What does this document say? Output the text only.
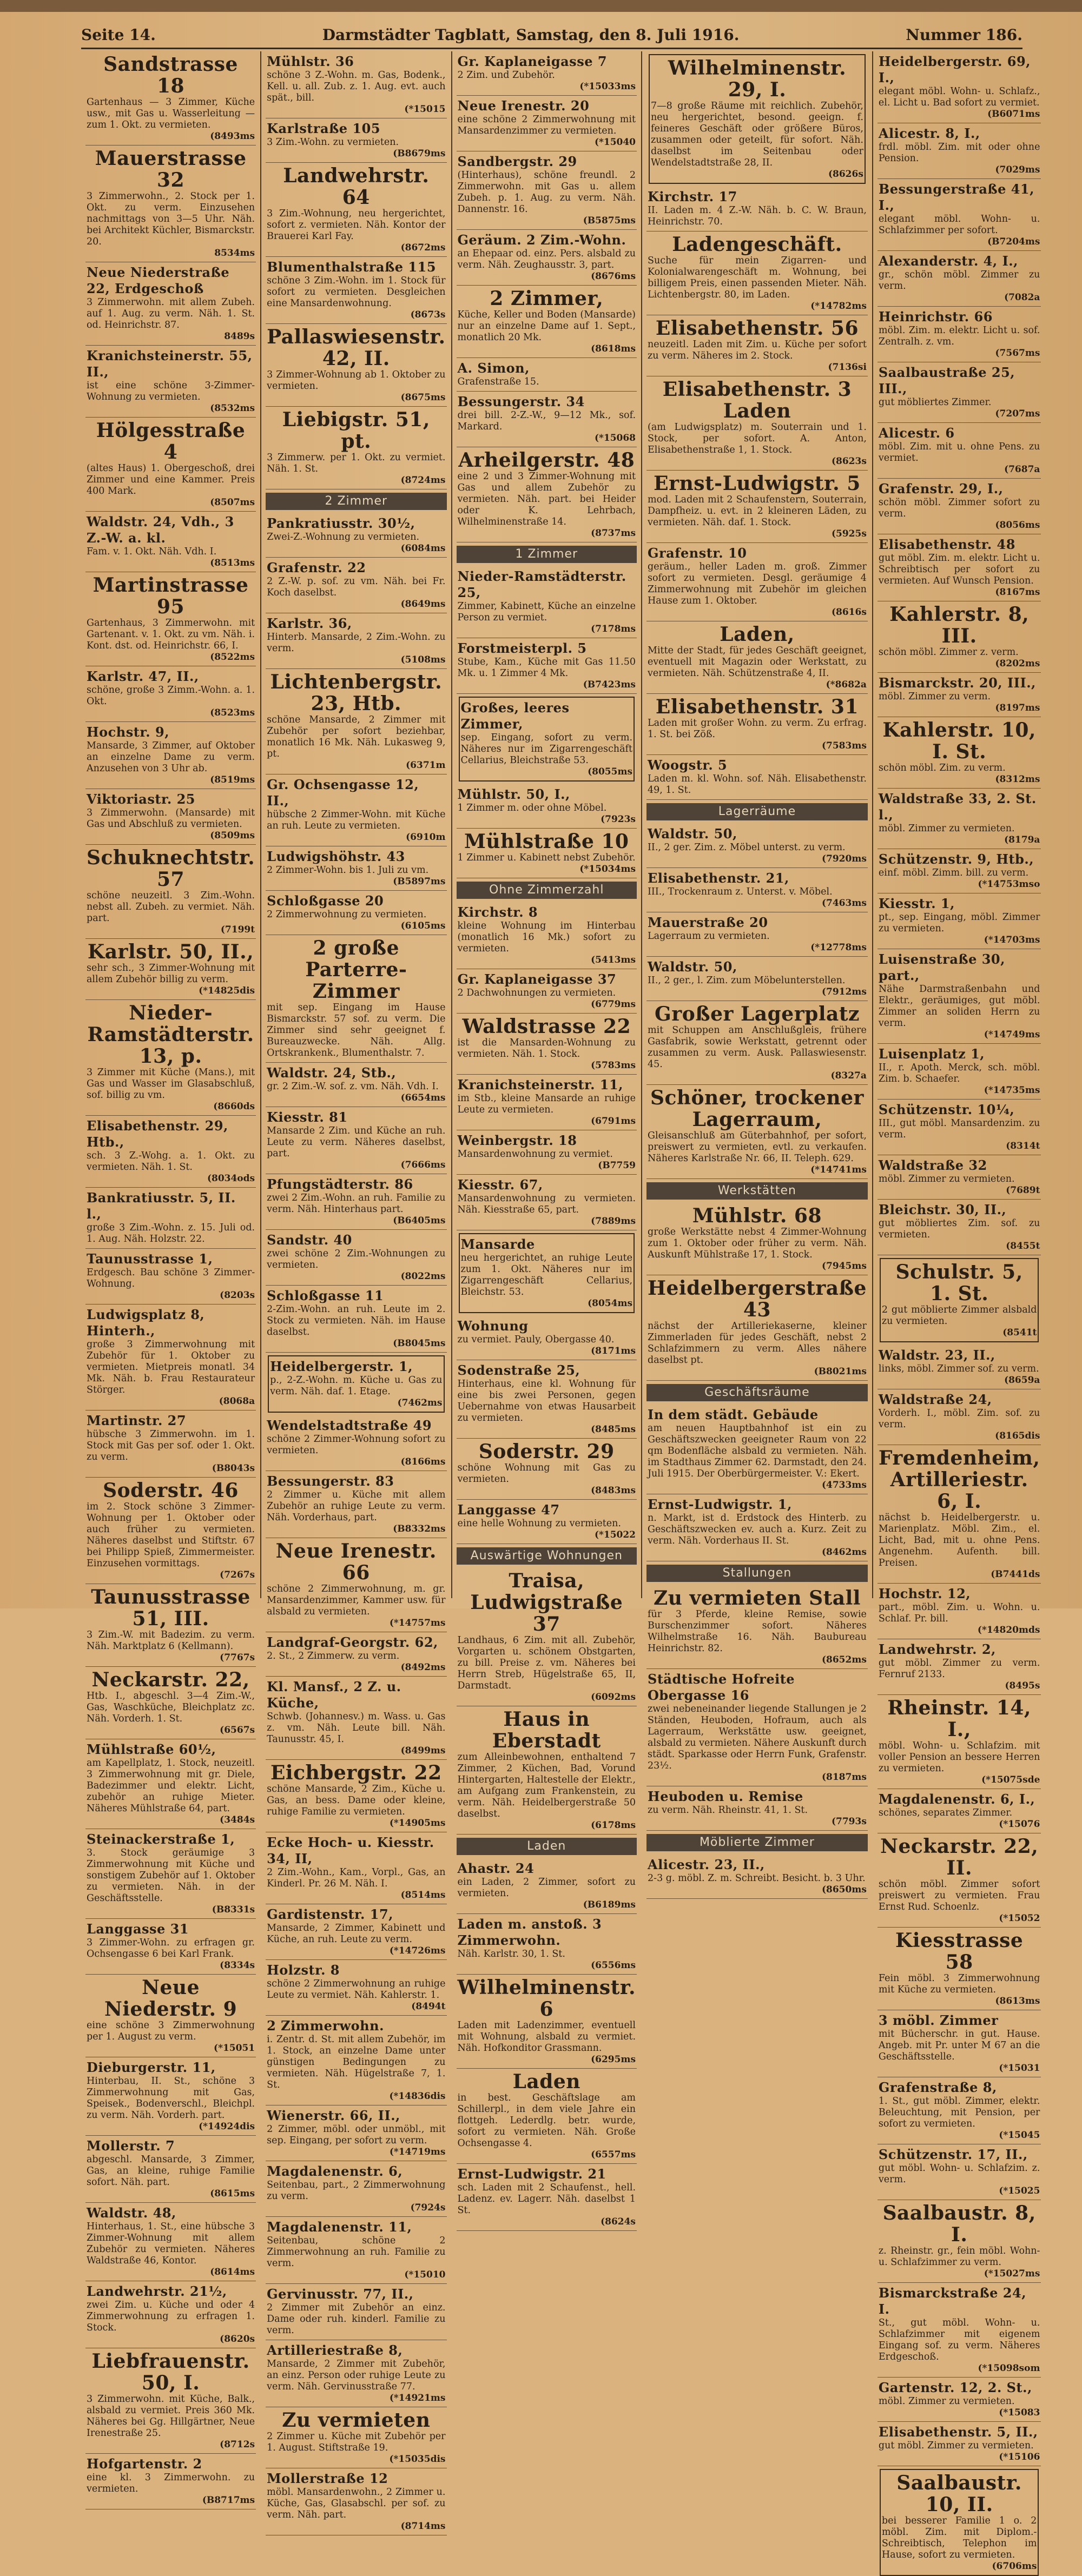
Seite 14.	Darmstädter Tagblatt, Samstag, den 8. Juli 1916.	Nummer 186.
Sandstrasse 18
Gartenhaus — 3 Zimmer, Küche usw., mit Gas u. Wasserleitung — zum 1. Okt. zu vermieten.
(8493ms
Mauerstrasse 32
3 Zimmerwohn., 2. Stock per 1. Okt. zu verm. Einzusehen nachmittags von 3—5 Uhr. Näh. bei Architekt Küchler, Bismarckstr. 20.
8534ms
Neue Niederstraße 22, Erdgeschoß
3 Zimmerwohn. mit allem Zubeh. auf 1. Aug. zu verm. Näh. 1. St. od. Heinrichstr. 87.
8489s
Kranichsteinerstr. 55, II.,
ist eine schöne 3-Zimmer-Wohnung zu vermieten.
(8532ms
Hölgesstraße 4
(altes Haus) 1. Obergeschoß, drei Zimmer und eine Kammer. Preis 400 Mark.
(8507ms
Waldstr. 24, Vdh., 3 Z.-W. a. kl.
Fam. v. 1. Okt. Näh. Vdh. I.
(8513ms
Martinstrasse 95
Gartenhaus, 3 Zimmerwohn. mit Gartenant. v. 1. Okt. zu vm. Näh. i. Kont. dst. od. Heinrichstr. 66, I.
(8522ms
Karlstr. 47, II.,
schöne, große 3 Zimm.-Wohn. a. 1. Okt.
(8523ms
Hochstr. 9,
Mansarde, 3 Zimmer, auf Oktober an einzelne Dame zu verm. Anzusehen von 3 Uhr ab.
(8519ms
Viktoriastr. 25
3 Zimmerwohn. (Mansarde) mit Gas und Abschluß zu vermieten.
(8509ms
Schuknechtstr. 57
schöne neuzeitl. 3 Zim.-Wohn. nebst all. Zubeh. zu vermiet. Näh. part.
(7199t
Karlstr. 50, II.,
sehr sch., 3 Zimmer-Wohnung mit allem Zubehör billig zu verm.
(*14825dis
Nieder-Ramstädterstr. 13, p.
3 Zimmer mit Küche (Mans.), mit Gas und Wasser im Glasabschluß, sof. billig zu vm.
(8660ds
Elisabethenstr. 29, Htb.,
sch. 3 Z.-Wohg. a. 1. Okt. zu vermieten. Näh. 1. St.
(8034ods
Bankratiusstr. 5, II. l.,
große 3 Zim.-Wohn. z. 15. Juli od. 1. Aug. Näh. Holzstr. 22.
Taunusstrasse 1,
Erdgesch. Bau schöne 3 Zimmer-Wohnung.
(8203s
Ludwigsplatz 8, Hinterh.,
große 3 Zimmerwohnung mit Zubehör für 1. Oktober zu vermieten. Mietpreis monatl. 34 Mk. Näh. b. Frau Restaurateur Störger.
(8068a
Martinstr. 27
hübsche 3 Zimmerwohn. im 1. Stock mit Gas per sof. oder 1. Okt. zu verm.
(B8043s
Soderstr. 46
im 2. Stock schöne 3 Zimmer-Wohnung per 1. Oktober oder auch früher zu vermieten. Näheres daselbst und Stiftstr. 67 bei Philipp Spieß, Zimmermeister. Einzusehen vormittags.
(7267s
Taunusstrasse 51, III.
3 Zim.-W. mit Badezim. zu verm. Näh. Marktplatz 6 (Kellmann).
(7767s
Neckarstr. 22,
Htb. I., abgeschl. 3—4 Zim.-W., Gas, Waschküche, Bleichplatz zc. Näh. Vorderh. 1. St.
(6567s
Mühlstraße 60½,
am Kapellplatz, 1. Stock, neuzeitl. 3 Zimmerwohnung mit gr. Diele, Badezimmer und elektr. Licht, zubehör an ruhige Mieter. Näheres Mühlstraße 64, part.
(3484s
Steinackerstraße 1,
3. Stock geräumige 3 Zimmerwohnung mit Küche und sonstigem Zubehör auf 1. Oktober zu vermieten. Näh. in der Geschäftsstelle.
(B8331s
Langgasse 31
3 Zimmer-Wohn. zu erfragen gr. Ochsengasse 6 bei Karl Frank.
(8334s
Neue Niederstr. 9
eine schöne 3 Zimmerwohnung per 1. August zu verm.
(*15051
Dieburgerstr. 11,
Hinterbau, II. St., schöne 3 Zimmerwohnung mit Gas, Speisek., Bodenverschl., Bleichpl. zu verm. Näh. Vorderh. part.
(*14924dis
Mollerstr. 7
abgeschl. Mansarde, 3 Zimmer, Gas, an kleine, ruhige Familie sofort. Näh. part.
(8615ms
Waldstr. 48,
Hinterhaus, 1. St., eine hübsche 3 Zimmer-Wohnung mit allem Zubehör zu vermieten. Näheres Waldstraße 46, Kontor.
(8614ms
Landwehrstr. 21½,
zwei Zim. u. Küche und oder 4 Zimmerwohnung zu erfragen 1. Stock.
(8620s
Liebfrauenstr. 50, I.
3 Zimmerwohn. mit Küche, Balk., alsbald zu vermiet. Preis 360 Mk. Näheres bei Gg. Hillgärtner, Neue Irenestraße 25.
(8712s
Hofgartenstr. 2
eine kl. 3 Zimmerwohn. zu vermieten.
(B8717ms
Mühlstr. 36
schöne 3 Z.-Wohn. m. Gas, Bodenk., Kell. u. all. Zub. z. 1. Aug. evt. auch spät., bill.
(*15015
Karlstraße 105
3 Zim.-Wohn. zu vermieten.
(B8679ms
Landwehrstr. 64
3 Zim.-Wohnung, neu hergerichtet, sofort z. vermieten. Näh. Kontor der Brauerei Karl Fay.
(8672ms
Blumenthalstraße 115
schöne 3 Zim.-Wohn. im 1. Stock für sofort zu vermieten. Desgleichen eine Mansardenwohnung.
(8673s
Pallaswiesenstr. 42, II.
3 Zimmer-Wohnung ab 1. Oktober zu vermieten.
(8675ms
Liebigstr. 51, pt.
3 Zimmerw. per 1. Okt. zu vermiet. Näh. 1. St.
(8724ms
2 Zimmer
Pankratiusstr. 30½,
Zwei-Z.-Wohnung zu vermieten.
(6084ms
Grafenstr. 22
2 Z.-W. p. sof. zu vm. Näh. bei Fr. Koch daselbst.
(8649ms
Karlstr. 36,
Hinterb. Mansarde, 2 Zim.-Wohn. zu verm.
(5108ms
Lichtenbergstr. 23, Htb.
schöne Mansarde, 2 Zimmer mit Zubehör per sofort beziehbar, monatlich 16 Mk. Näh. Lukasweg 9, pt.
(6371m
Gr. Ochsengasse 12, II.,
hübsche 2 Zimmer-Wohn. mit Küche an ruh. Leute zu vermieten.
(6910m
Ludwigshöhstr. 43
2 Zimmer-Wohn. bis 1. Juli zu vm.
(B5897ms
Schloßgasse 20
2 Zimmerwohnung zu vermieten.
(6105ms
2 große Parterre-Zimmer
mit sep. Eingang im Hause Bismarckstr. 57 sof. zu verm. Die Zimmer sind sehr geeignet f. Bureauzwecke. Näh. Allg. Ortskrankenk., Blumenthalstr. 7.
Waldstr. 24, Stb.,
gr. 2 Zim.-W. sof. z. vm. Näh. Vdh. I.
(6654ms
Kiesstr. 81
Mansarde 2 Zim. und Küche an ruh. Leute zu verm. Näheres daselbst, part.
(7666ms
Pfungstädterstr. 86
zwei 2 Zim.-Wohn. an ruh. Familie zu verm. Näh. Hinterhaus part.
(B6405ms
Sandstr. 40
zwei schöne 2 Zim.-Wohnungen zu vermieten.
(8022ms
Schloßgasse 11
2-Zim.-Wohn. an ruh. Leute im 2. Stock zu vermieten. Näh. im Hause daselbst.
(B8045ms
Heidelbergerstr. 1,
p., 2-Z.-Wohn. m. Küche u. Gas zu verm. Näh. daf. 1. Etage.
(7462ms
Wendelstadtstraße 49
schöne 2 Zimmer-Wohnung sofort zu vermieten.
(8166ms
Bessungerstr. 83
2 Zimmer u. Küche mit allem Zubehör an ruhige Leute zu verm. Näh. Vorderhaus, part.
(B8332ms
Neue Irenestr. 66
schöne 2 Zimmerwohnung, m. gr. Mansardenzimmer, Kammer usw. für alsbald zu vermieten.
(*14757ms
Landgraf-Georgstr. 62,
2. St., 2 Zimmerw. zu verm.
(8492ms
Kl. Mansf., 2 Z. u. Küche,
Schwb. (Johannesv.) m. Wass. u. Gas z. vm. Näh. Leute bill. Näh. Taunusstr. 45, I.
(8499ms
Eichbergstr. 22
schöne Mansarde, 2 Zim., Küche u. Gas, an bess. Dame oder kleine, ruhige Familie zu vermieten.
(*14905ms
Ecke Hoch- u. Kiesstr. 34, II,
2 Zim.-Wohn., Kam., Vorpl., Gas, an Kinderl. Pr. 26 M. Näh. I.
(8514ms
Gardistenstr. 17,
Mansarde, 2 Zimmer, Kabinett und Küche, an ruh. Leute zu verm.
(*14726ms
Holzstr. 8
schöne 2 Zimmerwohnung an ruhige Leute zu vermiet. Näh. Kahlerstr. 1.
(8494t
2 Zimmerwohn.
i. Zentr. d. St. mit allem Zubehör, im 1. Stock, an einzelne Dame unter günstigen Bedingungen zu vermieten. Näh. Hügelstraße 7, 1. St.
(*14836dis
Wienerstr. 66, II.,
2 Zimmer, möbl. oder unmöbl., mit sep. Eingang, per sofort zu verm.
(*14719ms
Magdalenenstr. 6,
Seitenbau, part., 2 Zimmerwohnung zu verm.
(7924s
Magdalenenstr. 11,
Seitenbau, schöne 2 Zimmerwohnung an ruh. Familie zu verm.
(*15010
Gervinusstr. 77, II.,
2 Zimmer mit Zubehör an einz. Dame oder ruh. kinderl. Familie zu verm.
Artilleriestraße 8,
Mansarde, 2 Zimmer mit Zubehör, an einz. Person oder ruhige Leute zu verm. Näh. Gervinusstraße 77.
(*14921ms
Zu vermieten
2 Zimmer u. Küche mit Zubehör per 1. August. Stiftstraße 19.
(*15035dis
Mollerstraße 12
möbl. Mansardenwohn., 2 Zimmer u. Küche, Gas, Glasabschl. per sof. zu verm. Näh. part.
(8714ms
Gr. Kaplaneigasse 7
2 Zim. und Zubehör.
(*15033ms
Neue Irenestr. 20
eine schöne 2 Zimmerwohnung mit Mansardenzimmer zu vermieten.
(*15040
Sandbergstr. 29
(Hinterhaus), schöne freundl. 2 Zimmerwohn. mit Gas u. allem Zubeh. p. 1. Aug. zu verm. Näh. Dannenstr. 16.
(B5875ms
Geräum. 2 Zim.-Wohn.
an Ehepaar od. einz. Pers. alsbald zu verm. Näh. Zeughausstr. 3, part.
(8676ms
2 Zimmer,
Küche, Keller und Boden (Mansarde) nur an einzelne Dame auf 1. Sept., monatlich 20 Mk.
(8618ms
A. Simon,
Grafenstraße 15.
Bessungerstr. 34
drei bill. 2-Z.-W., 9—12 Mk., sof. Markard.
(*15068
Arheilgerstr. 48
eine 2 und 3 Zimmer-Wohnung mit Gas und allem Zubehör zu vermieten. Näh. part. bei Heider oder K. Lehrbach, Wilhelminenstraße 14.
(8737ms
1 Zimmer
Nieder-Ramstädterstr. 25,
Zimmer, Kabinett, Küche an einzelne Person zu vermiet.
(7178ms
Forstmeisterpl. 5
Stube, Kam., Küche mit Gas 11.50 Mk. u. 1 Zimmer 4 Mk.
(B7423ms
Großes, leeres Zimmer,
sep. Eingang, sofort zu verm. Näheres nur im Zigarrengeschäft Cellarius, Bleichstraße 53.
(8055ms
Mühlstr. 50, I.,
1 Zimmer m. oder ohne Möbel.
(7923s
Mühlstraße 10
1 Zimmer u. Kabinett nebst Zubehör.
(*15034ms
Ohne Zimmerzahl
Kirchstr. 8
kleine Wohnung im Hinterbau (monatlich 16 Mk.) sofort zu vermieten.
(5413ms
Gr. Kaplaneigasse 37
2 Dachwohnungen zu vermieten.
(6779ms
Waldstrasse 22
ist die Mansarden-Wohnung zu vermieten. Näh. 1. Stock.
(5783ms
Kranichsteinerstr. 11,
im Stb., kleine Mansarde an ruhige Leute zu vermieten.
(6791ms
Weinbergstr. 18
Mansardenwohnung zu vermiet.
(B7759
Kiesstr. 67,
Mansardenwohnung zu vermieten. Näh. Kiesstraße 65, part.
(7889ms
Mansarde
neu hergerichtet, an ruhige Leute zum 1. Okt. Näheres nur im Zigarrengeschäft Cellarius, Bleichstr. 53.
(8054ms
Wohnung
zu vermiet. Pauly, Obergasse 40.
(8171ms
Sodenstraße 25,
Hinterhaus, eine kl. Wohnung für eine bis zwei Personen, gegen Uebernahme von etwas Hausarbeit zu vermieten.
(8485ms
Soderstr. 29
schöne Wohnung mit Gas zu vermieten.
(8483ms
Langgasse 47
eine helle Wohnung zu vermieten.
(*15022
Auswärtige Wohnungen
Traisa, Ludwigstraße 37
Landhaus, 6 Zim. mit all. Zubehör, Vorgarten u. schönem Obstgarten, zu bill. Preise z. vm. Näheres bei Herrn Streb, Hügelstraße 65, II, Darmstadt.
(6092ms
Haus in Eberstadt
zum Alleinbewohnen, enthaltend 7 Zimmer, 2 Küchen, Bad, Vorund Hintergarten, Haltestelle der Elektr., am Aufgang zum Frankenstein, zu verm. Näh. Heidelbergerstraße 50 daselbst.
(6178ms
Laden
Ahastr. 24
ein Laden, 2 Zimmer, sofort zu vermieten.
(B6189ms
Laden m. anstoß. 3 Zimmerwohn.
Näh. Karlstr. 30, 1. St.
(6556ms
Wilhelminenstr. 6
Laden mit Ladenzimmer, eventuell mit Wohnung, alsbald zu vermiet. Näh. Hofkonditor Grassmann.
(6295ms
Laden
in best. Geschäftslage am Schillerpl., in dem viele Jahre ein flottgeh. Lederdlg. betr. wurde, sofort zu vermieten. Näh. Große Ochsengasse 4.
(6557ms
Ernst-Ludwigstr. 21
sch. Laden mit 2 Schaufenst., hell. Ladenz. ev. Lagerr. Näh. daselbst 1 St.
(8624s
Wilhelminenstr. 29, I.
7—8 große Räume mit reichlich. Zubehör, neu hergerichtet, besond. geeign. f. feineres Geschäft oder größere Büros, zusammen oder geteilt, für sofort. Näh. daselbst im Seitenbau oder Wendelstadtstraße 28, II.
(8626s
Kirchstr. 17
II. Laden m. 4 Z.-W. Näh. b. C. W. Braun, Heinrichstr. 70.
Ladengeschäft.
Suche für mein Zigarren- und Kolonialwarengeschäft m. Wohnung, bei billigem Preis, einen passenden Mieter. Näh. Lichtenbergstr. 80, im Laden.
(*14782ms
Elisabethenstr. 56
neuzeitl. Laden mit Zim. u. Küche per sofort zu verm. Näheres im 2. Stock.
(7136si
Elisabethenstr. 3 Laden
(am Ludwigsplatz) m. Souterrain und 1. Stock, per sofort. A. Anton, Elisabethenstraße 1, 1. Stock.
(8623s
Ernst-Ludwigstr. 5
mod. Laden mit 2 Schaufenstern, Souterrain, Dampfheiz. u. evt. in 2 kleineren Läden, zu vermieten. Näh. daf. 1. Stock.
(5925s
Grafenstr. 10
geräum., heller Laden m. groß. Zimmer sofort zu vermieten. Desgl. geräumige 4 Zimmerwohnung mit Zubehör im gleichen Hause zum 1. Oktober.
(8616s
Laden,
Mitte der Stadt, für jedes Geschäft geeignet, eventuell mit Magazin oder Werkstatt, zu vermieten. Näh. Schützenstraße 4, II.
(*8682a
Elisabethenstr. 31
Laden mit großer Wohn. zu verm. Zu erfrag. 1. St. bei Zöß.
(7583ms
Woogstr. 5
Laden m. kl. Wohn. sof. Näh. Elisabethenstr. 49, 1. St.
Lagerräume
Waldstr. 50,
II., 2 ger. Zim. z. Möbel unterst. zu verm.
(7920ms
Elisabethenstr. 21,
III., Trockenraum z. Unterst. v. Möbel.
(7463ms
Mauerstraße 20
Lagerraum zu vermieten.
(*12778ms
Waldstr. 50,
II., 2 ger., l. Zim. zum Möbelunterstellen.
(7912ms
Großer Lagerplatz
mit Schuppen am Anschlußgleis, frühere Gasfabrik, sowie Werkstatt, getrennt oder zusammen zu verm. Ausk. Pallaswiesenstr. 45.
(8327a
Schöner, trockener Lagerraum,
Gleisanschluß am Güterbahnhof, per sofort, preiswert zu vermieten, evtl. zu verkaufen. Näheres Karlstraße Nr. 66, II. Teleph. 629.
(*14741ms
Werkstätten
Mühlstr. 68
große Werkstätte nebst 4 Zimmer-Wohnung zum 1. Oktober oder früher zu verm. Näh. Auskunft Mühlstraße 17, 1. Stock.
(7945ms
Heidelbergerstraße 43
nächst der Artilleriekaserne, kleiner Zimmerladen für jedes Geschäft, nebst 2 Schlafzimmern zu verm. Alles nähere daselbst pt.
(B8021ms
Geschäftsräume
In dem städt. Gebäude
am neuen Hauptbahnhof ist ein zu Geschäftszwecken geeigneter Raum von 22 qm Bodenfläche alsbald zu vermieten. Näh. im Stadthaus Zimmer 62. Darmstadt, den 24. Juli 1915. Der Oberbürgermeister. V.: Ekert.
(4733ms
Ernst-Ludwigstr. 1,
n. Markt, ist d. Erdstock des Hinterb. zu Geschäftszwecken ev. auch a. Kurz. Zeit zu verm. Näh. Vorderhaus II. St.
(8462ms
Stallungen
Zu vermieten Stall
für 3 Pferde, kleine Remise, sowie Burschenzimmer sofort. Näheres Wilhelmstraße 16. Näh. Baubureau Heinrichstr. 82.
(8652ms
Städtische Hofreite Obergasse 16
zwei nebeneinander liegende Stallungen je 2 Ständen, Heuboden, Hofraum, auch als Lagerraum, Werkstätte usw. geeignet, alsbald zu vermieten. Nähere Auskunft durch städt. Sparkasse oder Herrn Funk, Grafenstr. 23½.
(8187ms
Heuboden u. Remise
zu verm. Näh. Rheinstr. 41, 1. St.
(7793s
Möblierte Zimmer
Alicestr. 23, II.,
2-3 g. möbl. Z. m. Schreibt. Besicht. b. 3 Uhr.
(8650ms
Heidelbergerstr. 69, I.,
elegant möbl. Wohn- u. Schlafz., el. Licht u. Bad sofort zu vermiet.
(B6071ms
Alicestr. 8, I.,
frdl. möbl. Zim. mit oder ohne Pension.
(7029ms
Bessungerstraße 41, I.,
elegant möbl. Wohn- u. Schlafzimmer per sofort.
(B7204ms
Alexanderstr. 4, I.,
gr., schön möbl. Zimmer zu verm.
(7082a
Heinrichstr. 66
möbl. Zim. m. elektr. Licht u. sof. Zentralh. z. vm.
(7567ms
Saalbaustraße 25, III.,
gut möbliertes Zimmer.
(7207ms
Alicestr. 6
möbl. Zim. mit u. ohne Pens. zu vermiet.
(7687a
Grafenstr. 29, I.,
schön möbl. Zimmer sofort zu verm.
(8056ms
Elisabethenstr. 48
gut möbl. Zim. m. elektr. Licht u. Schreibtisch per sofort zu vermieten. Auf Wunsch Pension.
(8167ms
Kahlerstr. 8, III.
schön möbl. Zimmer z. verm.
(8202ms
Bismarckstr. 20, III.,
möbl. Zimmer zu verm.
(8197ms
Kahlerstr. 10, I. St.
schön möbl. Zim. zu verm.
(8312ms
Waldstraße 33, 2. St. l.,
möbl. Zimmer zu vermieten.
(8179a
Schützenstr. 9, Htb.,
einf. möbl. Zimm. bill. zu verm.
(*14753mso
Kiesstr. 1,
pt., sep. Eingang, möbl. Zimmer zu vermieten.
(*14703ms
Luisenstraße 30, part.,
Nähe Darmstraßenbahn und Elektr., geräumiges, gut möbl. Zimmer an soliden Herrn zu verm.
(*14749ms
Luisenplatz 1,
II., r. Apoth. Merck, sch. möbl. Zim. b. Schaefer.
(*14735ms
Schützenstr. 10¼,
III., gut möbl. Mansardenzim. zu verm.
(8314t
Waldstraße 32
möbl. Zimmer zu vermieten.
(7689t
Bleichstr. 30, II.,
gut möbliertes Zim. sof. zu vermieten.
(8455t
Schulstr. 5, 1. St.
2 gut möblierte Zimmer alsbald zu vermieten.
(8541t
Waldstr. 23, II.,
links, möbl. Zimmer sof. zu verm.
(8659a
Waldstraße 24,
Vorderh. I., möbl. Zim. sof. zu verm.
(8165dis
Fremdenheim, Artilleriestr. 6, I.
nächst b. Heidelbergerstr. u. Marienplatz. Möbl. Zim., el. Licht, Bad, mit u. ohne Pens. Angenehm. Aufenth. bill. Preisen.
(B7441ds
Hochstr. 12,
part., möbl. Zim. u. Wohn. u. Schlaf. Pr. bill.
(*14820mds
Landwehrstr. 2,
gut möbl. Zimmer zu verm. Fernruf 2133.
(8495s
Rheinstr. 14, I.,
möbl. Wohn- u. Schlafzim. mit voller Pension an bessere Herren zu vermieten.
(*15075sde
Magdalenenstr. 6, I.,
schönes, separates Zimmer.
(*15076
Neckarstr. 22, II.
schön möbl. Zimmer sofort preiswert zu vermieten. Frau Ernst Rud. Schoenlz.
(*15052
Kiesstrasse 58
Fein möbl. 3 Zimmerwohnung mit Küche zu vermieten.
(8613ms
3 möbl. Zimmer
mit Bücherschr. in gut. Hause. Angeb. mit Pr. unter M 67 an die Geschäftsstelle.
(*15031
Grafenstraße 8,
1. St., gut möbl. Zimmer, elektr. Beleuchtung, mit Pension, per sofort zu vermieten.
(*15045
Schützenstr. 17, II.,
gut möbl. Wohn- u. Schlafzim. z. verm.
(*15025
Saalbaustr. 8, I.
z. Rheinstr. gr., fein möbl. Wohn- u. Schlafzimmer zu verm.
(*15027ms
Bismarckstraße 24, I.
St., gut möbl. Wohn- u. Schlafzimmer mit eigenem Eingang sof. zu verm. Näheres Erdgeschoß.
(*15098som
Gartenstr. 12, 2. St.,
möbl. Zimmer zu vermieten.
(*15083
Elisabethenstr. 5, II.,
gut möbl. Zimmer zu vermieten.
(*15106
Saalbaustr. 10, II.
bei besserer Familie 1 o. 2 möbl. Zim. mit Diplom.-Schreibtisch, Telephon im Hause, sofort zu vermieten.
(6706ms
